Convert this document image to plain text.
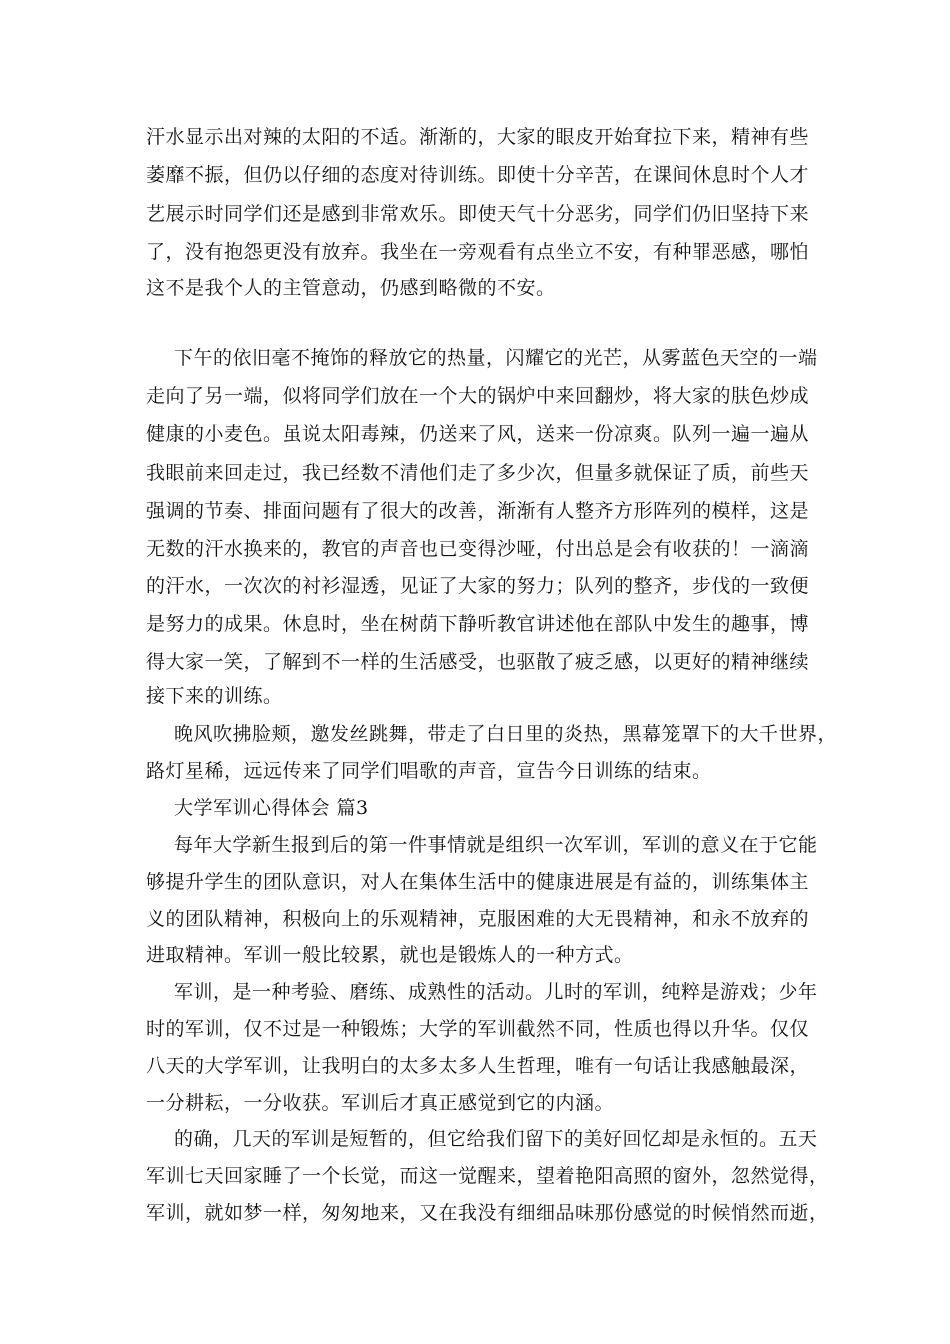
汗水显示出对辣的太阳的不适。渐渐的，大家的眼皮开始耷拉下来，精神有些

萎靡不振，但仍以仔细的态度对待训练。即使十分辛苦，在课间休息时个人才

艺展示时同学们还是感到非常欢乐。即使天气十分恶劣，同学们仍旧坚持下来

了，没有抱怨更没有放弃。我坐在一旁观看有点坐立不安，有种罪恶感，哪怕

这不是我个人的主管意动，仍感到略微的不安。

下午的依旧毫不掩饰的释放它的热量，闪耀它的光芒，从雾蓝色天空的一端

走向了另一端，似将同学们放在一个大的锅炉中来回翻炒，将大家的肤色炒成

健康的小麦色。虽说太阳毒辣，仍送来了风，送来一份凉爽。队列一遍一遍从

我眼前来回走过，我已经数不清他们走了多少次，但量多就保证了质，前些天

强调的节奏、排面问题有了很大的改善，渐渐有人整齐方形阵列的模样，这是

无数的汗水换来的，教官的声音也已变得沙哑，付出总是会有收获的！一滴滴

的汗水，一次次的衬衫湿透，见证了大家的努力；队列的整齐，步伐的一致便

是努力的成果。休息时，坐在树荫下静听教官讲述他在部队中发生的趣事，博

得大家一笑，了解到不一样的生活感受，也驱散了疲乏感，以更好的精神继续

接下来的训练。

晚风吹拂脸颊，邀发丝跳舞，带走了白日里的炎热，黑幕笼罩下的大千世界，

路灯星稀，远远传来了同学们唱歌的声音，宣告今日训练的结束。

大学军训心得体会 篇3

每年大学新生报到后的第一件事情就是组织一次军训，军训的意义在于它能

够提升学生的团队意识，对人在集体生活中的健康进展是有益的，训练集体主

义的团队精神，积极向上的乐观精神，克服困难的大无畏精神，和永不放弃的

进取精神。军训一般比较累，就也是锻炼人的一种方式。

军训，是一种考验、磨练、成熟性的活动。儿时的军训，纯粹是游戏；少年

时的军训，仅不过是一种锻炼；大学的军训截然不同，性质也得以升华。仅仅

八天的大学军训，让我明白的太多太多人生哲理，唯有一句话让我感触最深，

一分耕耘，一分收获。军训后才真正感觉到它的内涵。

的确，几天的军训是短暂的，但它给我们留下的美好回忆却是永恒的。五天

军训七天回家睡了一个长觉，而这一觉醒来，望着艳阳高照的窗外，忽然觉得，

军训，就如梦一样，匆匆地来，又在我没有细细品味那份感觉的时候悄然而逝，
